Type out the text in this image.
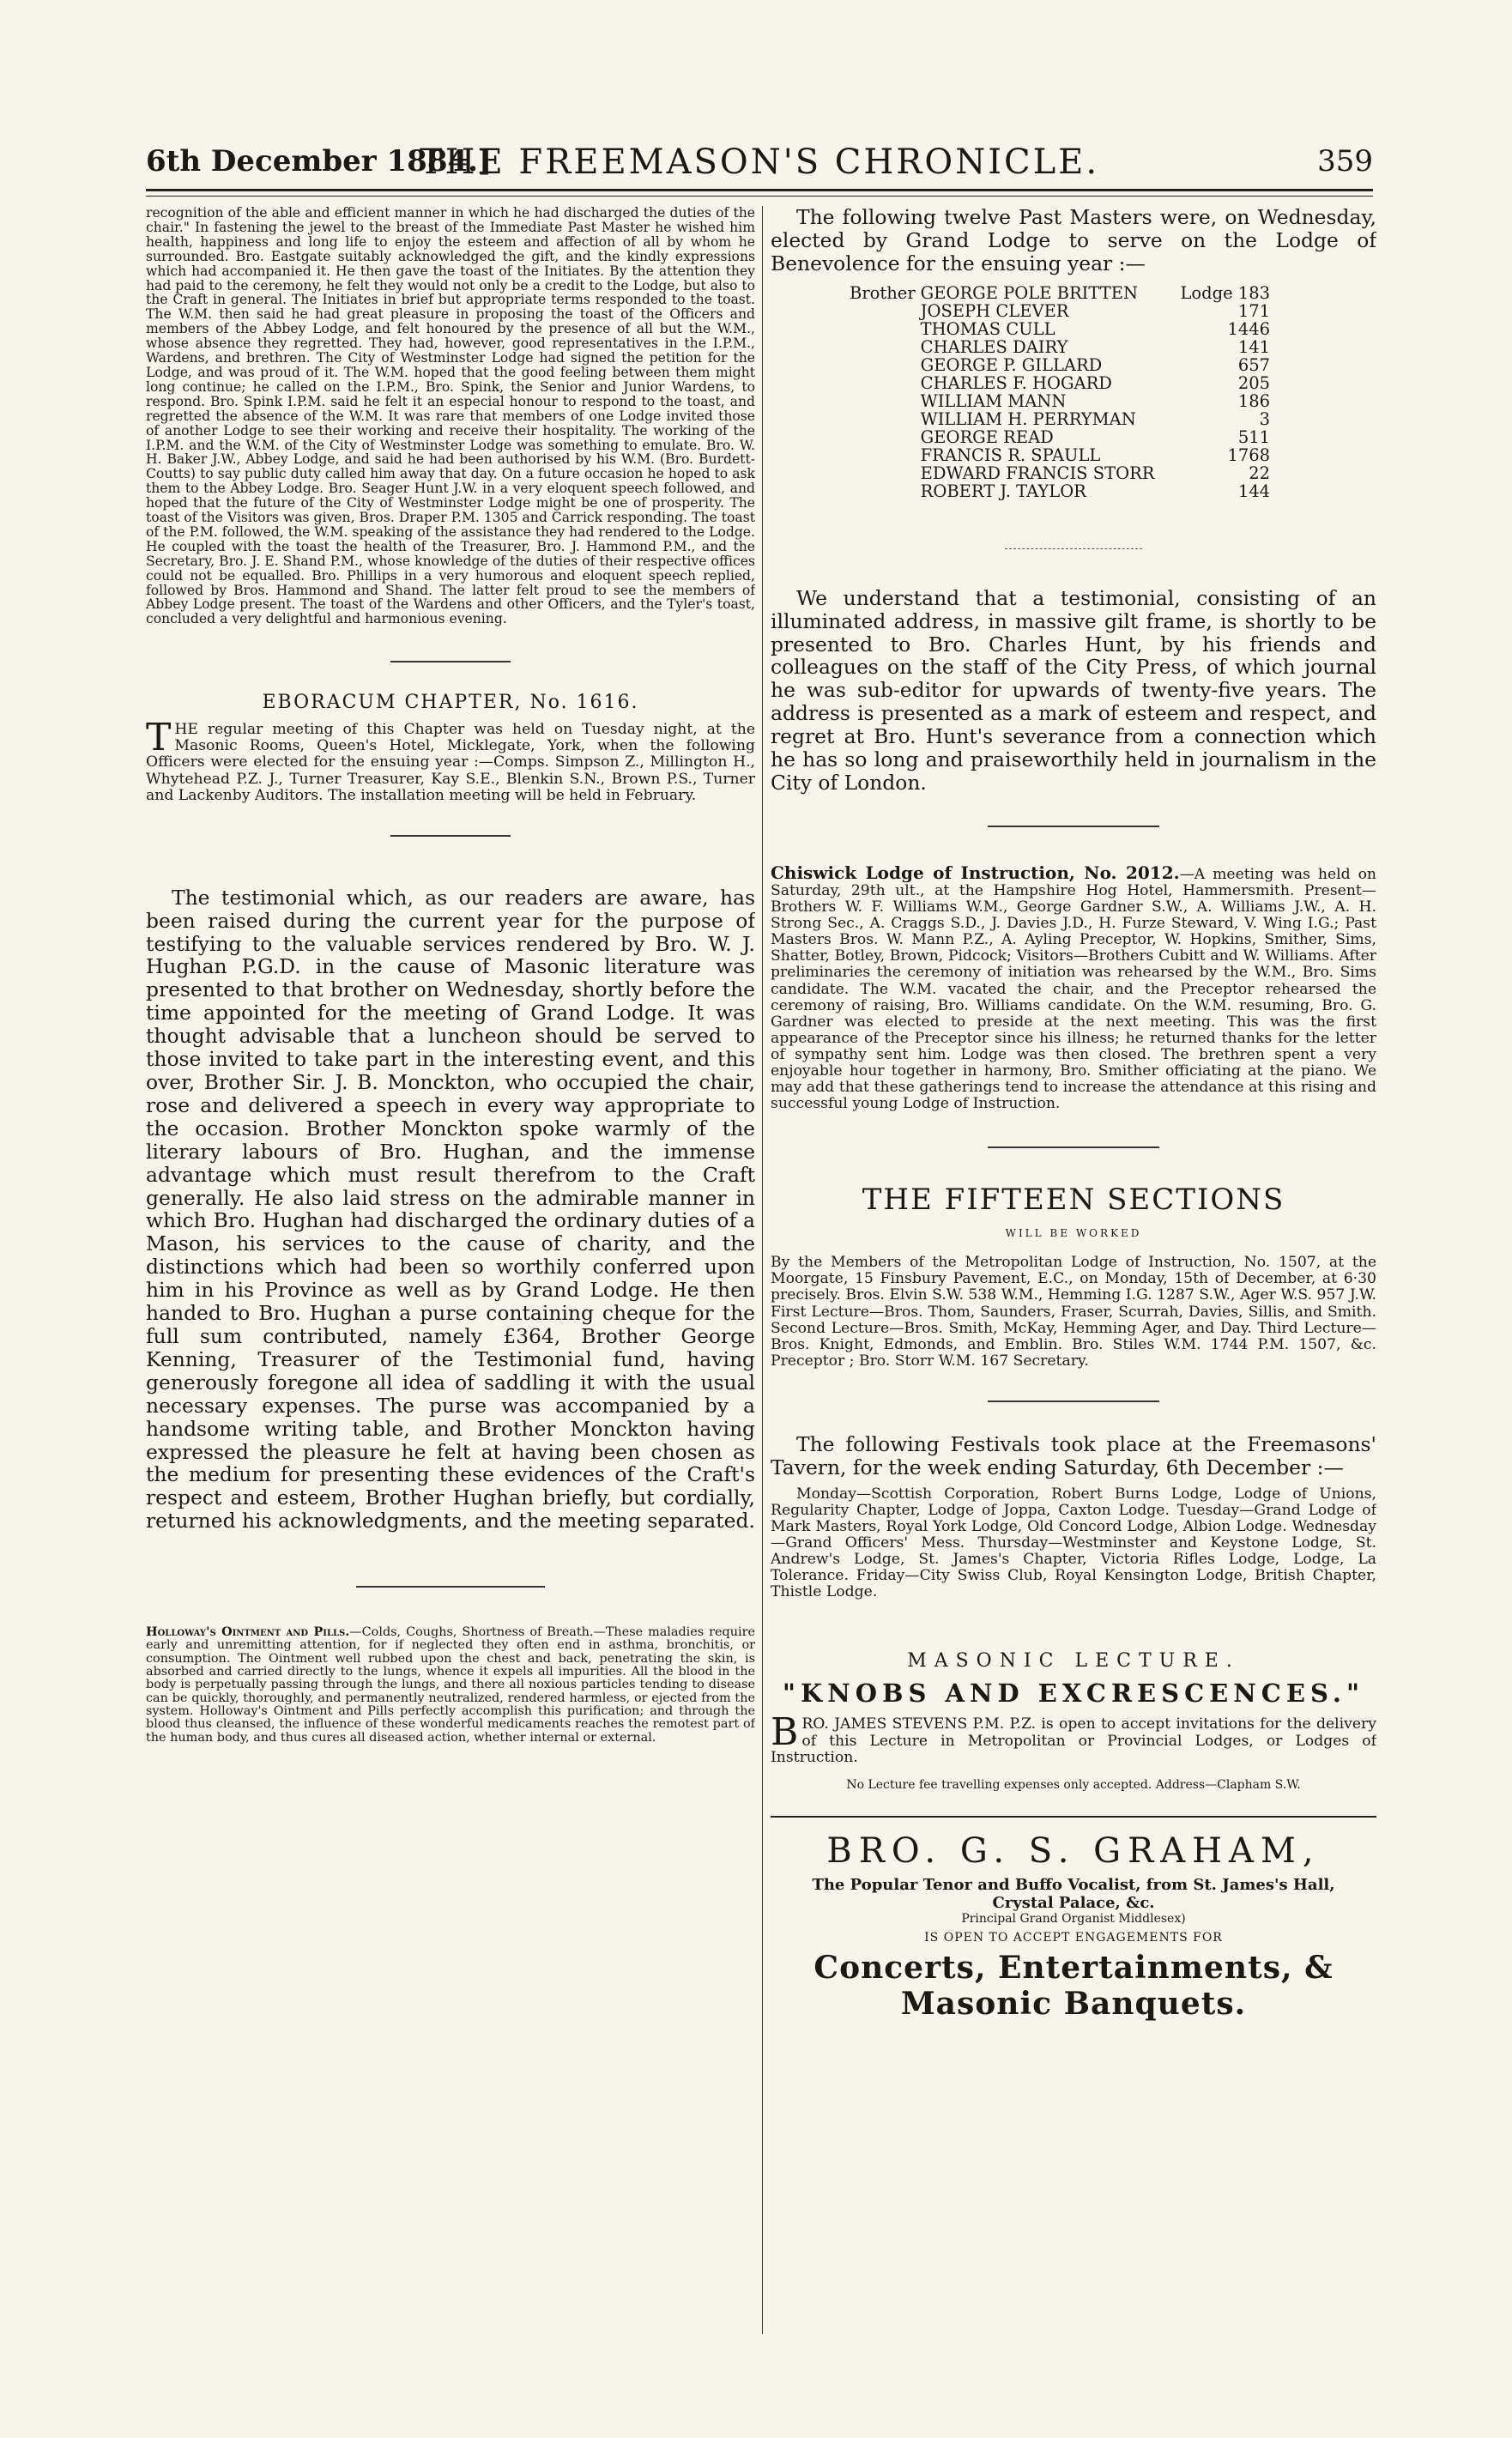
6th December 1884.]
THE FREEMASON'S CHRONICLE.	359

recognition of the able and efficient manner in which he had discharged the duties of the chair." In fastening the jewel to the breast of the Immediate Past Master he wished him health, happiness and long life to enjoy the esteem and affection of all by whom he surrounded. Bro. Eastgate suitably acknowledged the gift, and the kindly expressions which had accompanied it. He then gave the toast of the Initiates. By the attention they had paid to the ceremony, he felt they would not only be a credit to the Lodge, but also to the Craft in general. The Initiates in brief but appropriate terms responded to the toast. The W.M. then said he had great pleasure in proposing the toast of the Officers and members of the Abbey Lodge, and felt honoured by the presence of all but the W.M., whose absence they regretted. They had, however, good representatives in the I.P.M., Wardens, and brethren. The City of Westminster Lodge had signed the petition for the Lodge, and was proud of it. The W.M. hoped that the good feeling between them might long continue; he called on the I.P.M., Bro. Spink, the Senior and Junior Wardens, to respond. Bro. Spink I.P.M. said he felt it an especial honour to respond to the toast, and regretted the absence of the W.M. It was rare that members of one Lodge invited those of another Lodge to see their working and receive their hospitality. The working of the I.P.M. and the W.M. of the City of Westminster Lodge was something to emulate. Bro. W. H. Baker J.W., Abbey Lodge, and said he had been authorised by his W.M. (Bro. Burdett-Coutts) to say public duty called him away that day. On a future occasion he hoped to ask them to the Abbey Lodge. Bro. Seager Hunt J.W. in a very eloquent speech followed, and hoped that the future of the City of Westminster Lodge might be one of prosperity. The toast of the Visitors was given, Bros. Draper P.M. 1305 and Carrick responding. The toast of the P.M. followed, the W.M. speaking of the assistance they had rendered to the Lodge. He coupled with the toast the health of the Treasurer, Bro. J. Hammond P.M., and the Secretary, Bro. J. E. Shand P.M., whose knowledge of the duties of their respective offices could not be equalled. Bro. Phillips in a very humorous and eloquent speech replied, followed by Bros. Hammond and Shand. The latter felt proud to see the members of Abbey Lodge present. The toast of the Wardens and other Officers, and the Tyler's toast, concluded a very delightful and harmonious evening.

EBORACUM CHAPTER, No. 1616.

THE regular meeting of this Chapter was held on Tuesday night, at the Masonic Rooms, Queen's Hotel, Micklegate, York, when the following Officers were elected for the ensuing year :—Comps. Simpson Z., Millington H., Whytehead P.Z. J., Turner Treasurer, Kay S.E., Blenkin S.N., Brown P.S., Turner and Lackenby Auditors. The installation meeting will be held in February.

The testimonial which, as our readers are aware, has been raised during the current year for the purpose of testifying to the valuable services rendered by Bro. W. J. Hughan P.G.D. in the cause of Masonic literature was presented to that brother on Wednesday, shortly before the time appointed for the meeting of Grand Lodge. It was thought advisable that a luncheon should be served to those invited to take part in the interesting event, and this over, Brother Sir. J. B. Monckton, who occupied the chair, rose and delivered a speech in every way appropriate to the occasion. Brother Monckton spoke warmly of the literary labours of Bro. Hughan, and the immense advantage which must result therefrom to the Craft generally. He also laid stress on the admirable manner in which Bro. Hughan had discharged the ordinary duties of a Mason, his services to the cause of charity, and the distinctions which had been so worthily conferred upon him in his Province as well as by Grand Lodge. He then handed to Bro. Hughan a purse containing cheque for the full sum contributed, namely £364, Brother George Kenning, Treasurer of the Testimonial fund, having generously foregone all idea of saddling it with the usual necessary expenses. The purse was accompanied by a handsome writing table, and Brother Monckton having expressed the pleasure he felt at having been chosen as the medium for presenting these evidences of the Craft's respect and esteem, Brother Hughan briefly, but cordially, returned his acknowledgments, and the meeting separated.

Holloway's Ointment and Pills.—Colds, Coughs, Shortness of Breath.—These maladies require early and unremitting attention, for if neglected they often end in asthma, bronchitis, or consumption. The Ointment well rubbed upon the chest and back, penetrating the skin, is absorbed and carried directly to the lungs, whence it expels all impurities. All the blood in the body is perpetually passing through the lungs, and there all noxious particles tending to disease can be quickly, thoroughly, and permanently neutralized, rendered harmless, or ejected from the system. Holloway's Ointment and Pills perfectly accomplish this purification; and through the blood thus cleansed, the influence of these wonderful medicaments reaches the remotest part of the human body, and thus cures all diseased action, whether internal or external.

The following twelve Past Masters were, on Wednesday, elected by Grand Lodge to serve on the Lodge of Benevolence for the ensuing year :—

Brother	GEORGE POLE BRITTEN	Lodge 183
	JOSEPH CLEVER	171
	THOMAS CULL	1446
	CHARLES DAIRY	141
	GEORGE P. GILLARD	657
	CHARLES F. HOGARD	205
	WILLIAM MANN	186
	WILLIAM H. PERRYMAN	3
	GEORGE READ	511
	FRANCIS R. SPAULL	1768
	EDWARD FRANCIS STORR	22
	ROBERT J. TAYLOR	144

We understand that a testimonial, consisting of an illuminated address, in massive gilt frame, is shortly to be presented to Bro. Charles Hunt, by his friends and colleagues on the staff of the City Press, of which journal he was sub-editor for upwards of twenty-five years. The address is presented as a mark of esteem and respect, and regret at Bro. Hunt's severance from a connection which he has so long and praiseworthily held in journalism in the City of London.

Chiswick Lodge of Instruction, No. 2012.—A meeting was held on Saturday, 29th ult., at the Hampshire Hog Hotel, Hammersmith. Present—Brothers W. F. Williams W.M., George Gardner S.W., A. Williams J.W., A. H. Strong Sec., A. Craggs S.D., J. Davies J.D., H. Furze Steward, V. Wing I.G.; Past Masters Bros. W. Mann P.Z., A. Ayling Preceptor, W. Hopkins, Smither, Sims, Shatter, Botley, Brown, Pidcock; Visitors—Brothers Cubitt and W. Williams. After preliminaries the ceremony of initiation was rehearsed by the W.M., Bro. Sims candidate. The W.M. vacated the chair, and the Preceptor rehearsed the ceremony of raising, Bro. Williams candidate. On the W.M. resuming, Bro. G. Gardner was elected to preside at the next meeting. This was the first appearance of the Preceptor since his illness; he returned thanks for the letter of sympathy sent him. Lodge was then closed. The brethren spent a very enjoyable hour together in harmony, Bro. Smither officiating at the piano. We may add that these gatherings tend to increase the attendance at this rising and successful young Lodge of Instruction.

THE FIFTEEN SECTIONS
WILL BE WORKED

By the Members of the Metropolitan Lodge of Instruction, No. 1507, at the Moorgate, 15 Finsbury Pavement, E.C., on Monday, 15th of December, at 6·30 precisely. Bros. Elvin S.W. 538 W.M., Hemming I.G. 1287 S.W., Ager W.S. 957 J.W. First Lecture—Bros. Thom, Saunders, Fraser, Scurrah, Davies, Sillis, and Smith. Second Lecture—Bros. Smith, McKay, Hemming Ager, and Day. Third Lecture—Bros. Knight, Edmonds, and Emblin. Bro. Stiles W.M. 1744 P.M. 1507, &c. Preceptor ; Bro. Storr W.M. 167 Secretary.

The following Festivals took place at the Freemasons' Tavern, for the week ending Saturday, 6th December :—

Monday—Scottish Corporation, Robert Burns Lodge, Lodge of Unions, Regularity Chapter, Lodge of Joppa, Caxton Lodge. Tuesday—Grand Lodge of Mark Masters, Royal York Lodge, Old Concord Lodge, Albion Lodge. Wednesday—Grand Officers' Mess. Thursday—Westminster and Keystone Lodge, St. Andrew's Lodge, St. James's Chapter, Victoria Rifles Lodge, Lodge, La Tolerance. Friday—City Swiss Club, Royal Kensington Lodge, British Chapter, Thistle Lodge.

MASONIC LECTURE.
"KNOBS AND EXCRESCENCES."

BRO. JAMES STEVENS P.M. P.Z. is open to accept invitations for the delivery of this Lecture in Metropolitan or Provincial Lodges, or Lodges of Instruction.

No Lecture fee travelling expenses only accepted. Address—Clapham S.W.
BRO. G. S. GRAHAM,
The Popular Tenor and Buffo Vocalist, from St. James's Hall,
Crystal Palace, &c.
Principal Grand Organist Middlesex)
IS OPEN TO ACCEPT ENGAGEMENTS FOR
Concerts, Entertainments, & Masonic Banquets.
